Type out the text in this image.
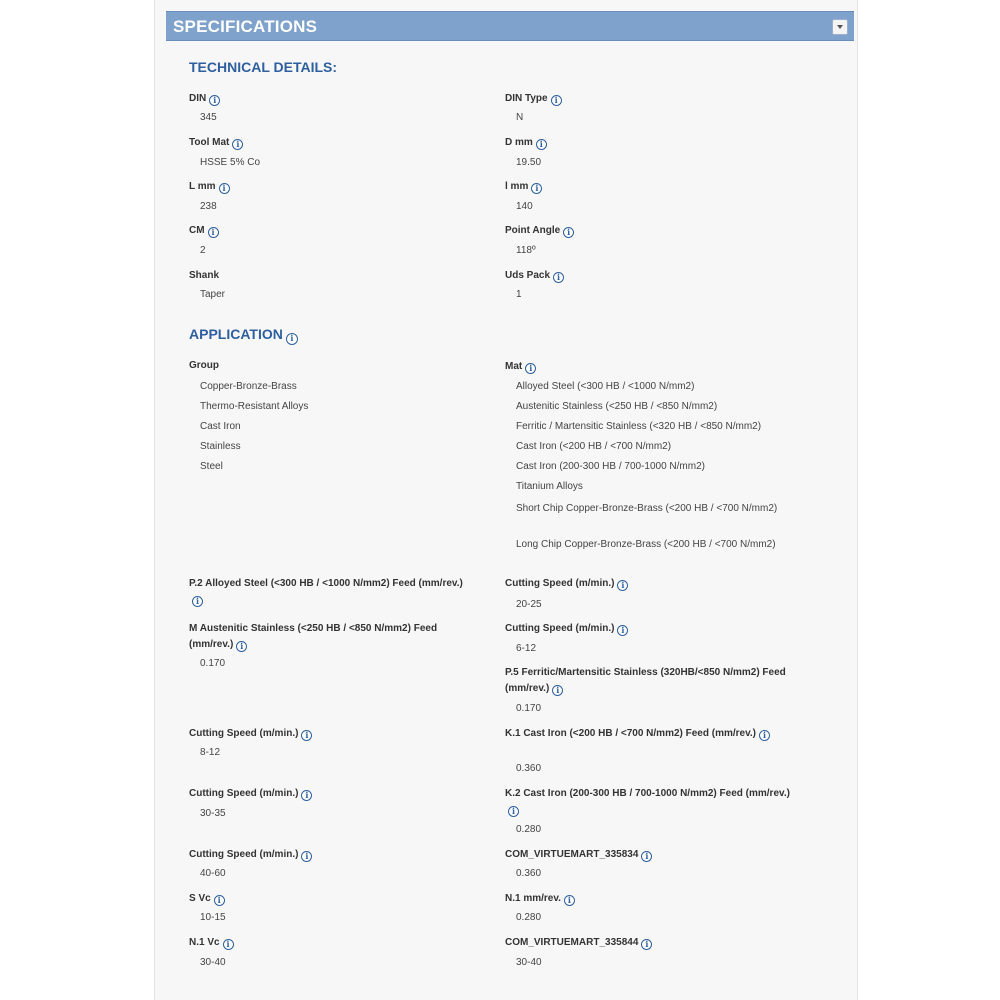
SPECIFICATIONS
TECHNICAL DETAILS:
DINi
345
DIN Typei
N
Tool Mati
HSSE 5% Co
D mmi
19.50
L mmi
238
l mmi
140
CMi
2
Point Anglei
118º
Shank
Taper
Uds Packi
1
APPLICATIONi
Group
Copper-Bronze-Brass
Thermo-Resistant Alloys
Cast Iron
Stainless
Steel
Mati
Alloyed Steel (<300 HB / <1000 N/mm2)
Austenitic Stainless (<250 HB / <850 N/mm2)
Ferritic / Martensitic Stainless (<320 HB / <850 N/mm2)
Cast Iron (<200 HB / <700 N/mm2)
Cast Iron (200-300 HB / 700-1000 N/mm2)
Titanium Alloys
Short Chip Copper-Bronze-Brass (<200 HB / <700 N/mm2)
Long Chip Copper-Bronze-Brass (<200 HB / <700 N/mm2)
P.2 Alloyed Steel (<300 HB / <1000 N/mm2) Feed (mm/rev.)i	Cutting Speed (m/min.)i
20-25
M Austenitic Stainless (<250 HB / <850 N/mm2) Feed (mm/rev.)i
0.170
Cutting Speed (m/min.)i
6-12
P.5 Ferritic/Martensitic Stainless (320HB/<850 N/mm2) Feed (mm/rev.)i
0.170
Cutting Speed (m/min.)i
8-12
K.1 Cast Iron (<200 HB / <700 N/mm2) Feed (mm/rev.)i
0.360
Cutting Speed (m/min.)i
30-35
K.2 Cast Iron (200-300 HB / 700-1000 N/mm2) Feed (mm/rev.)i
0.280
Cutting Speed (m/min.)i
40-60
COM_VIRTUEMART_335834i
0.360
S Vci
10-15
N.1 mm/rev.i
0.280
N.1 Vci
30-40
COM_VIRTUEMART_335844i
30-40
